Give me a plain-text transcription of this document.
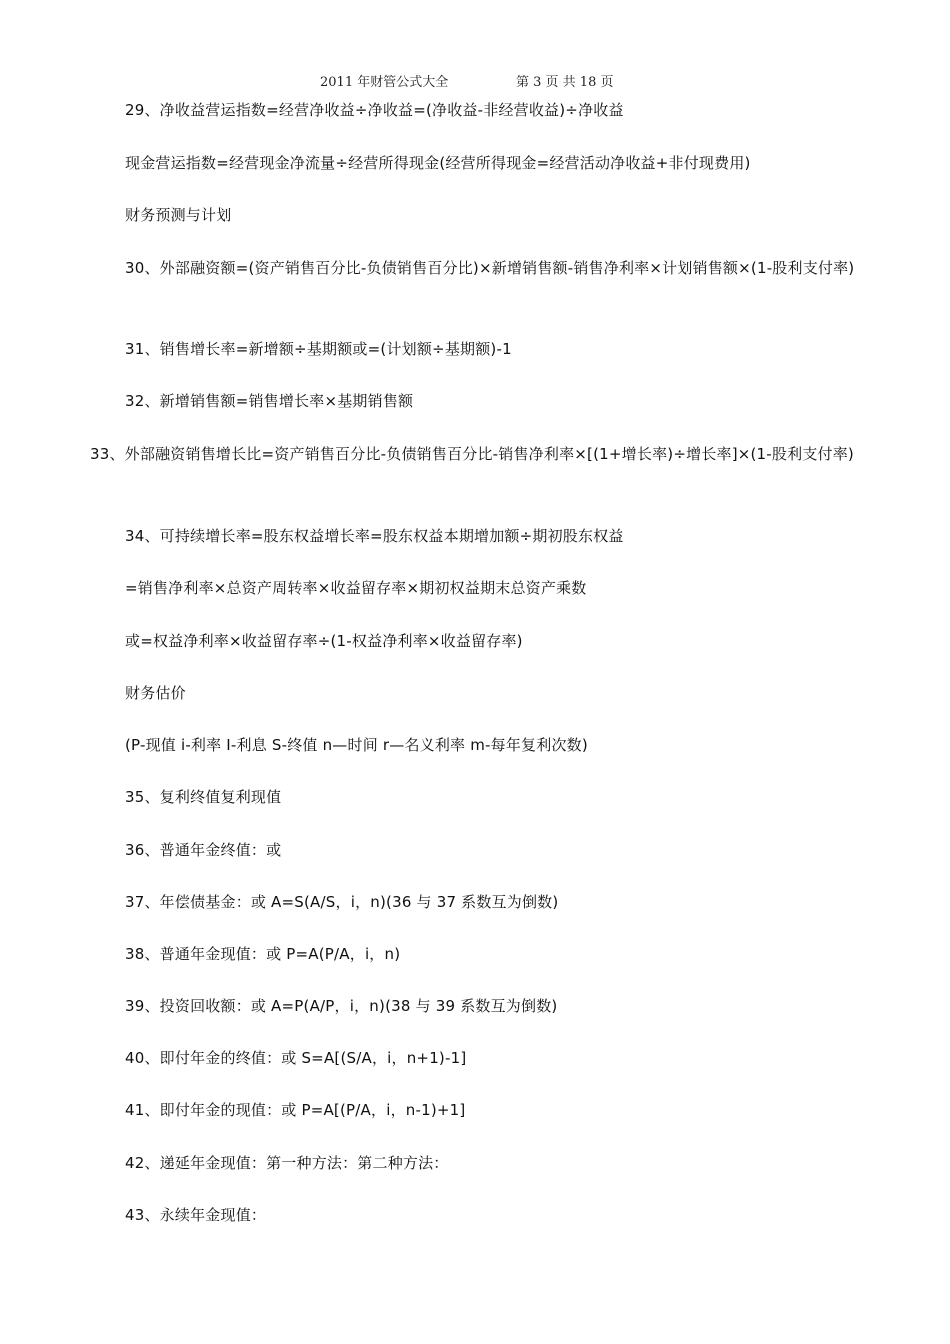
2011 年财管公式大全	第 3 页 共 18 页
29、净收益营运指数=经营净收益÷净收益=(净收益-非经营收益)÷净收益
现金营运指数=经营现金净流量÷经营所得现金(经营所得现金=经营活动净收益+非付现费用)
财务预测与计划
30、外部融资额=(资产销售百分比-负债销售百分比)×新增销售额-销售净利率×计划销售额×(1-股利支付率)
31、销售增长率=新增额÷基期额或=(计划额÷基期额)-1
32、新增销售额=销售增长率×基期销售额
33、外部融资销售增长比=资产销售百分比-负债销售百分比-销售净利率×[(1+增长率)÷增长率]×(1-股利支付率)
34、可持续增长率=股东权益增长率=股东权益本期增加额÷期初股东权益
=销售净利率×总资产周转率×收益留存率×期初权益期末总资产乘数
或=权益净利率×收益留存率÷(1-权益净利率×收益留存率)
财务估价
(P-现值 i-利率 I-利息 S-终值 n—时间 r—名义利率 m-每年复利次数)
35、复利终值复利现值
36、普通年金终值：或
37、年偿债基金：或 A=S(A/S，i，n)(36 与 37 系数互为倒数)
38、普通年金现值：或 P=A(P/A，i，n)
39、投资回收额：或 A=P(A/P，i，n)(38 与 39 系数互为倒数)
40、即付年金的终值：或 S=A[(S/A，i，n+1)-1]
41、即付年金的现值：或 P=A[(P/A，i，n-1)+1]
42、递延年金现值：第一种方法：第二种方法：
43、永续年金现值：
